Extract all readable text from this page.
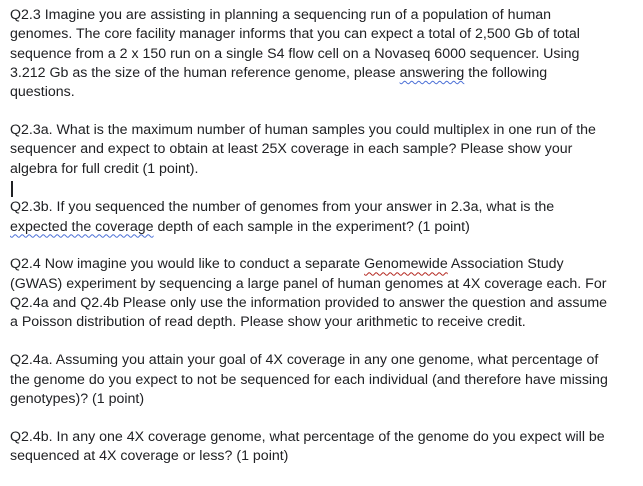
Q2.3 Imagine you are assisting in planning a sequencing run of a population of human
genomes. The core facility manager informs that you can expect a total of 2,500 Gb of total
sequence from a 2 x 150 run on a single S4 flow cell on a Novaseq 6000 sequencer. Using
3.212 Gb as the size of the human reference genome, please answering the following
questions.

Q2.3a. What is the maximum number of human samples you could multiplex in one run of the
sequencer and expect to obtain at least 25X coverage in each sample? Please show your
algebra for full credit (1 point).

Q2.3b. If you sequenced the number of genomes from your answer in 2.3a, what is the
expected the coverage depth of each sample in the experiment? (1 point)

Q2.4 Now imagine you would like to conduct a separate Genomewide Association Study
(GWAS) experiment by sequencing a large panel of human genomes at 4X coverage each. For
Q2.4a and Q2.4b Please only use the information provided to answer the question and assume
a Poisson distribution of read depth. Please show your arithmetic to receive credit.

Q2.4a. Assuming you attain your goal of 4X coverage in any one genome, what percentage of
the genome do you expect to not be sequenced for each individual (and therefore have missing
genotypes)? (1 point)

Q2.4b. In any one 4X coverage genome, what percentage of the genome do you expect will be
sequenced at 4X coverage or less? (1 point)
